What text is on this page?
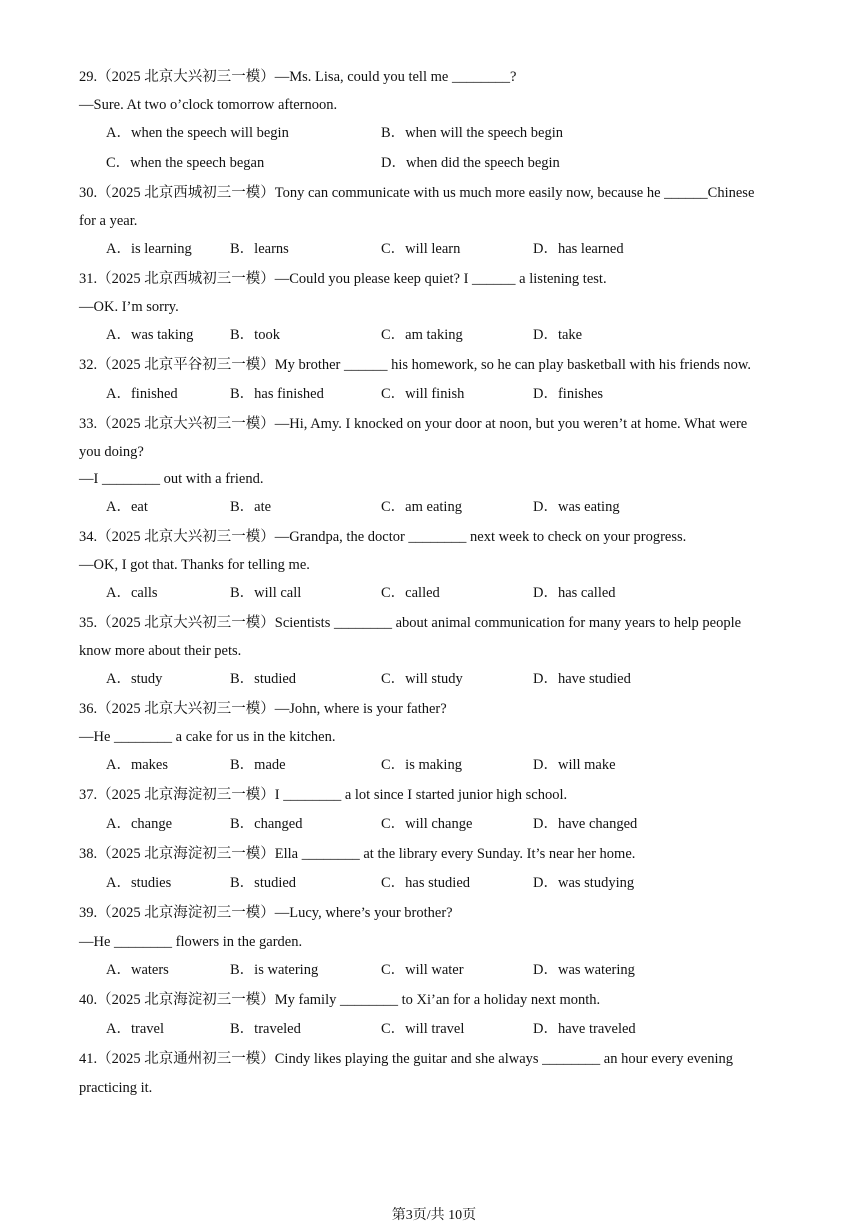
29.（2025 北京大兴初三一模）—Ms. Lisa, could you tell me ________?
—Sure. At two o’clock tomorrow afternoon.
A．when the speech will begin	B．when will the speech begin
C．when the speech began	D．when did the speech begin
30.（2025 北京西城初三一模）Tony can communicate with us much more easily now, because he ______Chinese
for a year.
A．is learning	B．learns	C．will learn	D．has learned
31.（2025 北京西城初三一模）—Could you please keep quiet? I ______ a listening test.
—OK. I’m sorry.
A．was taking	B．took	C．am taking	D．take
32.（2025 北京平谷初三一模）My brother ______ his homework, so he can play basketball with his friends now.
A．finished	B．has finished	C．will finish	D．finishes
33.（2025 北京大兴初三一模）—Hi, Amy. I knocked on your door at noon, but you weren’t at home. What were
you doing?
—I ________ out with a friend.
A．eat	B．ate	C．am eating	D．was eating
34.（2025 北京大兴初三一模）—Grandpa, the doctor ________ next week to check on your progress.
—OK, I got that. Thanks for telling me.
A．calls	B．will call	C．called	D．has called
35.（2025 北京大兴初三一模）Scientists ________ about animal communication for many years to help people
know more about their pets.
A．study	B．studied	C．will study	D．have studied
36.（2025 北京大兴初三一模）—John, where is your father?
—He ________ a cake for us in the kitchen.
A．makes	B．made	C．is making	D．will make
37.（2025 北京海淀初三一模）I ________ a lot since I started junior high school.
A．change	B．changed	C．will change	D．have changed
38.（2025 北京海淀初三一模）Ella ________ at the library every Sunday. It’s near her home.
A．studies	B．studied	C．has studied	D．was studying
39.（2025 北京海淀初三一模）—Lucy, where’s your brother?
—He ________ flowers in the garden.
A．waters	B．is watering	C．will water	D．was watering
40.（2025 北京海淀初三一模）My family ________ to Xi’an for a holiday next month.
A．travel	B．traveled	C．will travel	D．have traveled
41.（2025 北京通州初三一模）Cindy likes playing the guitar and she always ________ an hour every evening
practicing it.
第3页/共 10页
